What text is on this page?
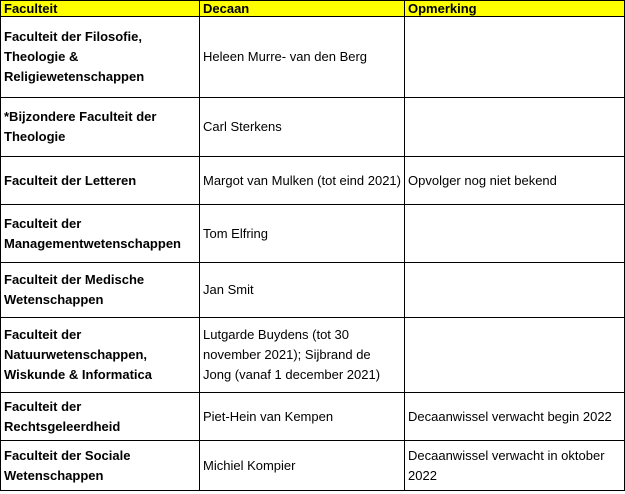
Faculteit	Decaan	Opmerking
Faculteit der Filosofie, Theologie & Religiewetenschappen	Heleen Murre- van den Berg	
*Bijzondere Faculteit der Theologie	Carl Sterkens	
Faculteit der Letteren	Margot van Mulken (tot eind 2021)	Opvolger nog niet bekend
Faculteit der Managementwetenschappen	Tom Elfring	
Faculteit der Medische Wetenschappen	Jan Smit	
Faculteit der Natuurwetenschappen, Wiskunde & Informatica	Lutgarde Buydens (tot 30 november 2021); Sijbrand de Jong (vanaf 1 december 2021)	
Faculteit der Rechtsgeleerdheid	Piet-Hein van Kempen	Decaanwissel verwacht begin 2022
Faculteit der Sociale Wetenschappen	Michiel Kompier	Decaanwissel verwacht in oktober 2022
